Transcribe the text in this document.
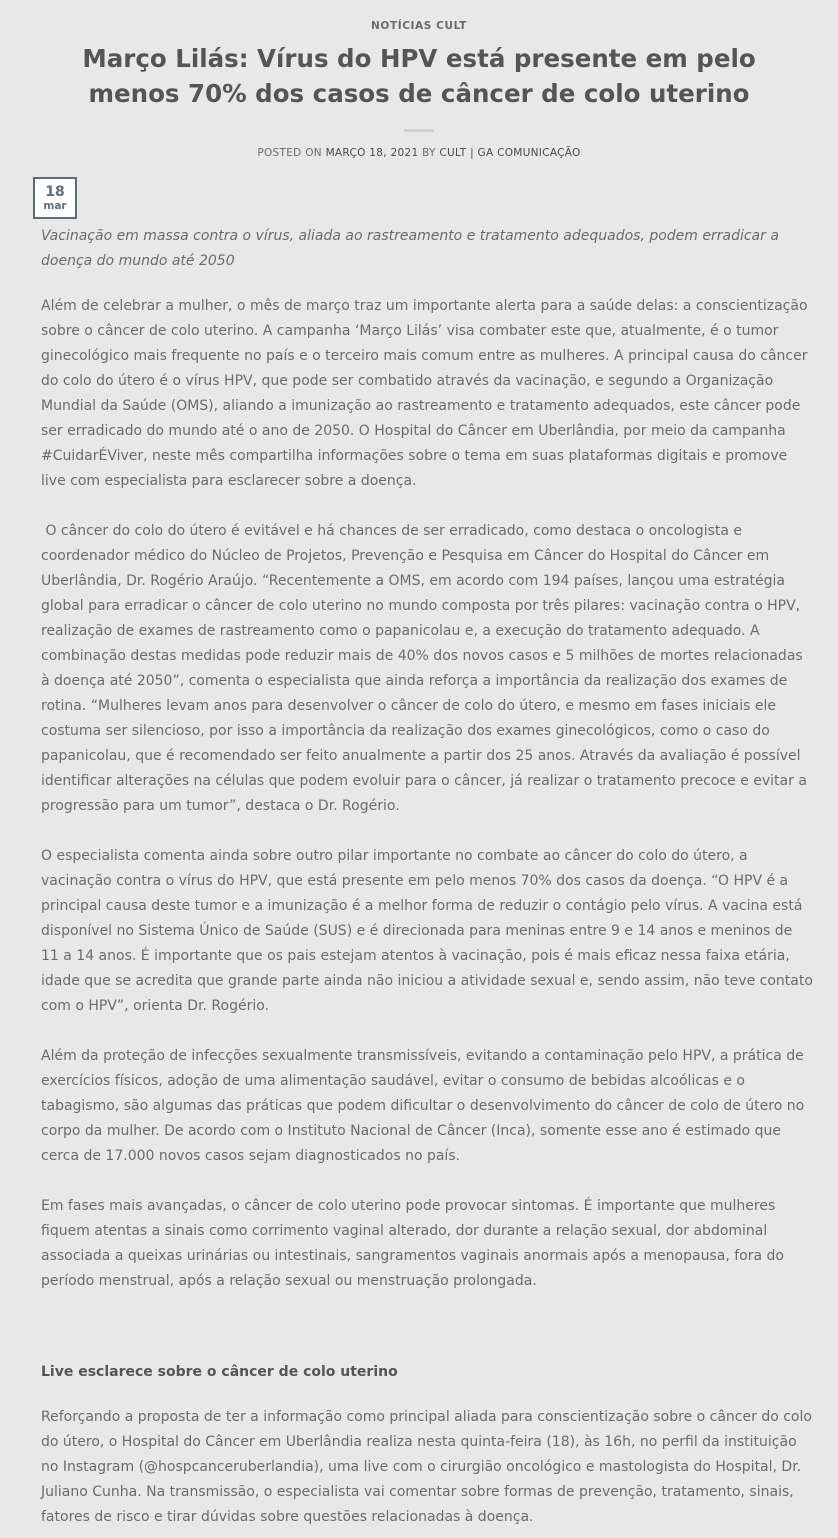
NOTÍCIAS CULT
Março Lilás: Vírus do HPV está presente em pelo menos 70% dos casos de câncer de colo uterino
POSTED ON MARÇO 18, 2021 BY CULT | GA COMUNICAÇÃO
18
mar

Vacinação em massa contra o vírus, aliada ao rastreamento e tratamento adequados, podem erradicar a doença do mundo até 2050

Além de celebrar a mulher, o mês de março traz um importante alerta para a saúde delas: a conscientização sobre o câncer de colo uterino. A campanha ‘Março Lilás’ visa combater este que, atualmente, é o tumor ginecológico mais frequente no país e o terceiro mais comum entre as mulheres. A principal causa do câncer do colo do útero é o vírus HPV, que pode ser combatido através da vacinação, e segundo a Organização Mundial da Saúde (OMS), aliando a imunização ao rastreamento e tratamento adequados, este câncer pode ser erradicado do mundo até o ano de 2050. O Hospital do Câncer em Uberlândia, por meio da campanha #CuidarÉViver, neste mês compartilha informações sobre o tema em suas plataformas digitais e promove live com especialista para esclarecer sobre a doença.

O câncer do colo do útero é evitável e há chances de ser erradicado, como destaca o oncologista e coordenador médico do Núcleo de Projetos, Prevenção e Pesquisa em Câncer do Hospital do Câncer em Uberlândia, Dr. Rogério Araújo. “Recentemente a OMS, em acordo com 194 países, lançou uma estratégia global para erradicar o câncer de colo uterino no mundo composta por três pilares: vacinação contra o HPV, realização de exames de rastreamento como o papanicolau e, a execução do tratamento adequado. A combinação destas medidas pode reduzir mais de 40% dos novos casos e 5 milhões de mortes relacionadas à doença até 2050”, comenta o especialista que ainda reforça a importância da realização dos exames de rotina. “Mulheres levam anos para desenvolver o câncer de colo do útero, e mesmo em fases iniciais ele costuma ser silencioso, por isso a importância da realização dos exames ginecológicos, como o caso do papanicolau, que é recomendado ser feito anualmente a partir dos 25 anos. Através da avaliação é possível identificar alterações na células que podem evoluir para o câncer, já realizar o tratamento precoce e evitar a progressão para um tumor”, destaca o Dr. Rogério.

O especialista comenta ainda sobre outro pilar importante no combate ao câncer do colo do útero, a vacinação contra o vírus do HPV, que está presente em pelo menos 70% dos casos da doença. “O HPV é a principal causa deste tumor e a imunização é a melhor forma de reduzir o contágio pelo vírus. A vacina está disponível no Sistema Único de Saúde (SUS) e é direcionada para meninas entre 9 e 14 anos e meninos de 11 a 14 anos. É importante que os pais estejam atentos à vacinação, pois é mais eficaz nessa faixa etária, idade que se acredita que grande parte ainda não iniciou a atividade sexual e, sendo assim, não teve contato com o HPV”, orienta Dr. Rogério.

Além da proteção de infecções sexualmente transmissíveis, evitando a contaminação pelo HPV, a prática de exercícios físicos, adoção de uma alimentação saudável, evitar o consumo de bebidas alcoólicas e o tabagismo, são algumas das práticas que podem dificultar o desenvolvimento do câncer de colo de útero no corpo da mulher. De acordo com o Instituto Nacional de Câncer (Inca), somente esse ano é estimado que cerca de 17.000 novos casos sejam diagnosticados no país.

Em fases mais avançadas, o câncer de colo uterino pode provocar sintomas. É importante que mulheres fiquem atentas a sinais como corrimento vaginal alterado, dor durante a relação sexual, dor abdominal associada a queixas urinárias ou intestinais, sangramentos vaginais anormais após a menopausa, fora do período menstrual, após a relação sexual ou menstruação prolongada.

Live esclarece sobre o câncer de colo uterino

Reforçando a proposta de ter a informação como principal aliada para conscientização sobre o câncer do colo do útero, o Hospital do Câncer em Uberlândia realiza nesta quinta-feira (18), às 16h, no perfil da instituição no Instagram (@hospcanceruberlandia), uma live com o cirurgião oncológico e mastologista do Hospital, Dr. Juliano Cunha. Na transmissão, o especialista vai comentar sobre formas de prevenção, tratamento, sinais, fatores de risco e tirar dúvidas sobre questões relacionadas à doença.
